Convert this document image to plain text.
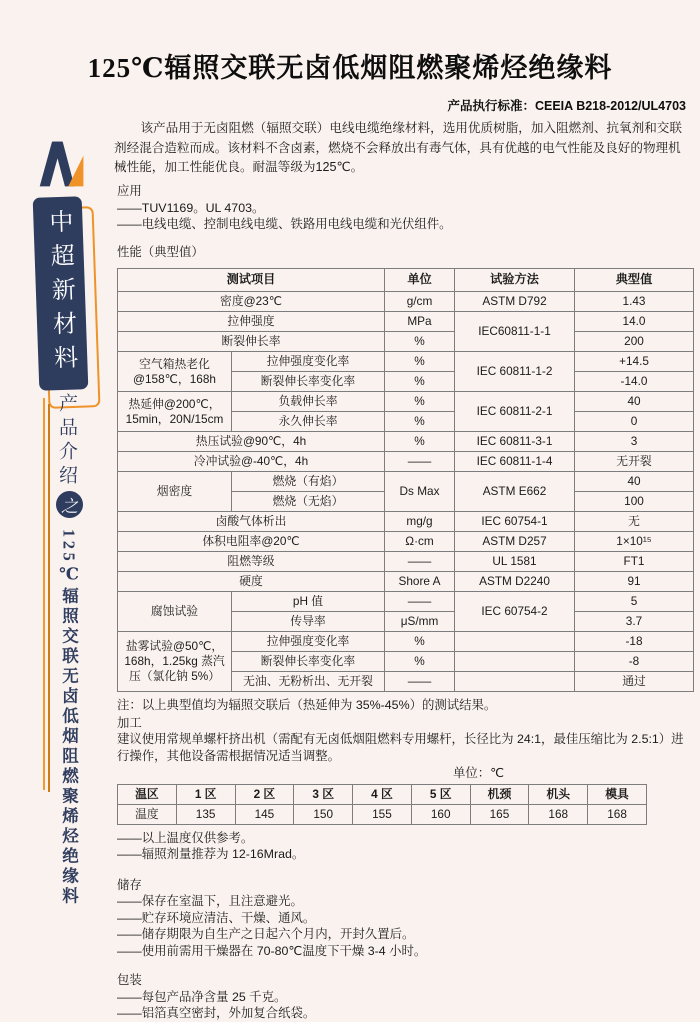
125℃辐照交联无卤低烟阻燃聚烯烃绝缘料
产品执行标准：CEEIA B218-2012/UL4703
该产品用于无卤阻燃（辐照交联）电线电缆绝缘材料，选用优质树脂，加入阻燃剂、抗氧剂和交联剂经混合造粒而成。该材料不含卤素，燃烧不会释放出有毒气体，具有优越的电气性能及良好的物理机械性能，加工性能优良。耐温等级为125℃。
中超新材料
产品介绍
之
125℃辐照交联无卤低烟阻燃聚烯烃绝缘料
应用
——TUV1169。UL 4703。
——电线电缆、控制电线电缆、铁路用电线电缆和光伏组件。
性能（典型值）
测试项目		单位	试验方法	典型值
密度@23℃		g/cm	ASTM D792	1.43
拉伸强度		MPa	IEC60811-1-1	14.0
断裂伸长率		%		200
空气箱热老化@158℃，168h	拉伸强度变化率	%	IEC 60811-1-2	+14.5
	断裂伸长率变化率	%		-14.0
热延伸@200℃，15min，20N/15cm	负载伸长率	%	IEC 60811-2-1	40
	永久伸长率	%		0
热压试验@90℃，4h		%	IEC 60811-3-1	3
冷冲试验@-40℃，4h		——	IEC 60811-1-4	无开裂
烟密度	燃烧（有焰）	Ds Max	ASTM E662	40
	燃烧（无焰）			100
卤酸气体析出		mg/g	IEC 60754-1	无
体积电阻率@20℃		Ω·cm	ASTM D257	1×10¹⁵
阻燃等级		——	UL 1581	FT1
硬度		Shore A	ASTM D2240	91
腐蚀试验	pH 值	——	IEC 60754-2	5
	传导率	μS/mm		3.7
盐雾试验@50℃，168h，1.25kg 蒸汽压（氯化钠 5%）	拉伸强度变化率	%		-18
	断裂伸长率变化率	%		-8
	无油、无粉析出、无开裂	——		通过
注：以上典型值均为辐照交联后（热延伸为 35%-45%）的测试结果。
加工
建议使用常规单螺杆挤出机（需配有无卤低烟阻燃料专用螺杆，长径比为 24:1，最佳压缩比为 2.5:1）进行操作，其他设备需根据情况适当调整。
单位：℃
温区	1 区	2 区	3 区	4 区	5 区	机颈	机头	模具
温度	135	145	150	155	160	165	168	168
——以上温度仅供参考。
——辐照剂量推荐为 12-16Mrad。
储存
——保存在室温下，且注意避光。
——贮存环境应清洁、干燥、通风。
——储存期限为自生产之日起六个月内，开封久置后。
——使用前需用干燥器在 70-80℃温度下干燥 3-4 小时。
包装
——每包产品净含量 25 千克。
——铝箔真空密封，外加复合纸袋。
